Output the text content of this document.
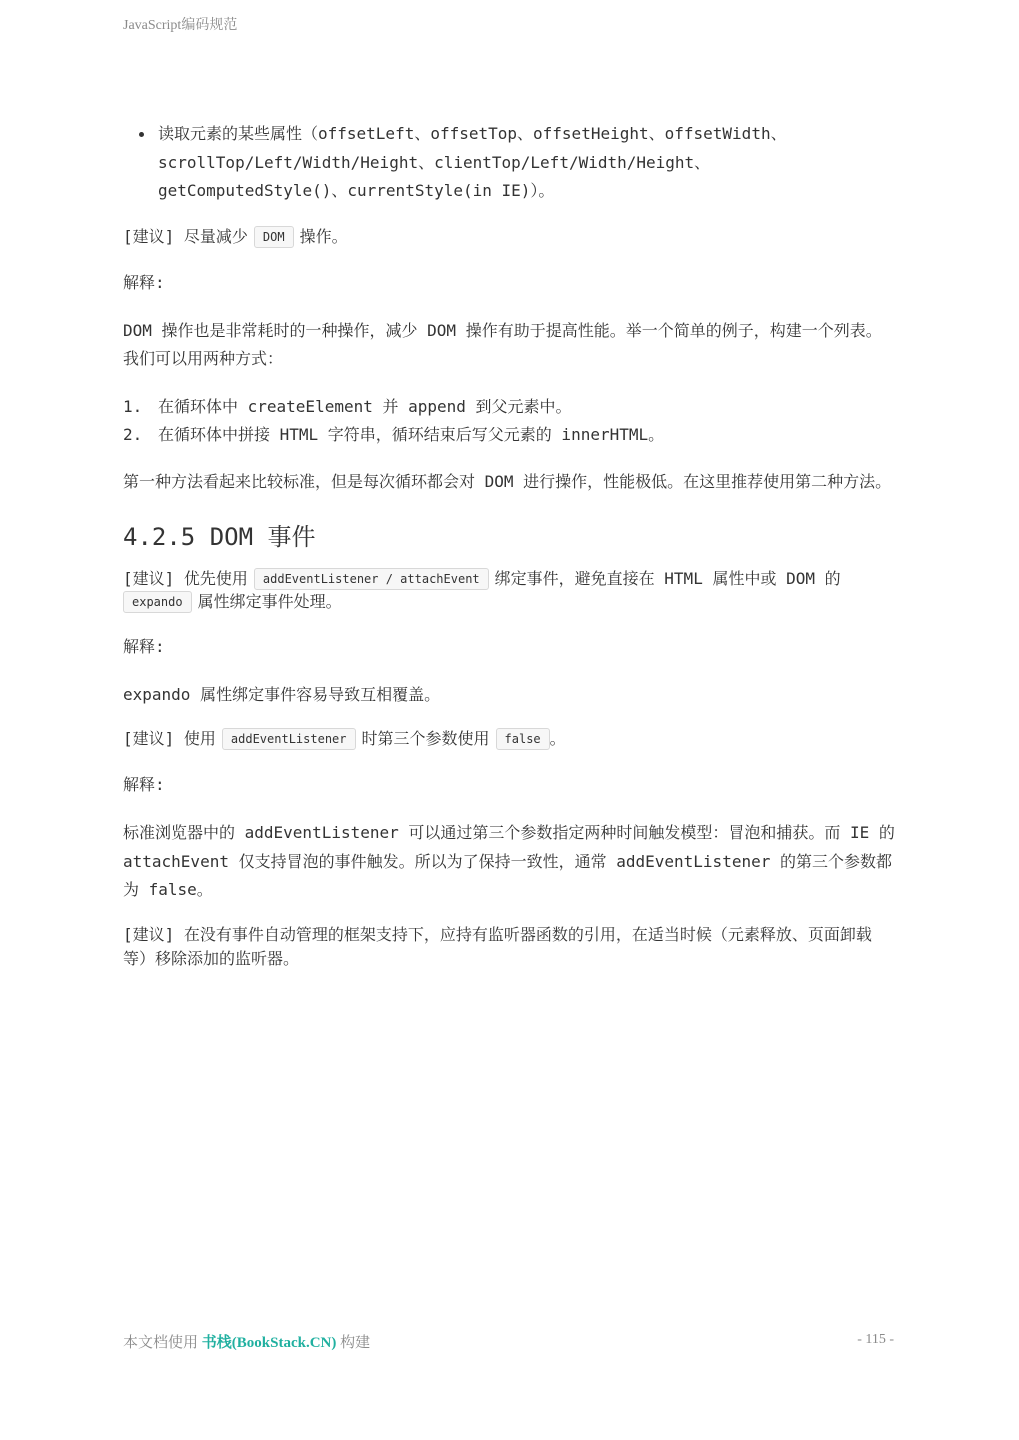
JavaScript编码规范
读取元素的某些属性（offsetLeft、offsetTop、offsetHeight、offsetWidth、scrollTop/Left/Width/Height、clientTop/Left/Width/Height、getComputedStyle()、currentStyle(in IE)）。

[建议] 尽量减少 DOM 操作。

解释:

DOM 操作也是非常耗时的一种操作，减少 DOM 操作有助于提高性能。举一个简单的例子，构建一个列表。我们可以用两种方式：

1. 在循环体中 createElement 并 append 到父元素中。
2. 在循环体中拼接 HTML 字符串，循环结束后写父元素的 innerHTML。

第一种方法看起来比较标准，但是每次循环都会对 DOM 进行操作，性能极低。在这里推荐使用第二种方法。

4.2.5 DOM 事件

[建议] 优先使用 addEventListener / attachEvent 绑定事件，避免直接在 HTML 属性中或 DOM 的 expando 属性绑定事件处理。

解释:

expando 属性绑定事件容易导致互相覆盖。

[建议] 使用 addEventListener 时第三个参数使用 false 。

解释:

标准浏览器中的 addEventListener 可以通过第三个参数指定两种时间触发模型：冒泡和捕获。而 IE 的 attachEvent 仅支持冒泡的事件触发。所以为了保持一致性，通常 addEventListener 的第三个参数都为 false。

[建议] 在没有事件自动管理的框架支持下，应持有监听器函数的引用，在适当时候（元素释放、页面卸载等）移除添加的监听器。

本文档使用 书栈(BookStack.CN) 构建	- 115 -
